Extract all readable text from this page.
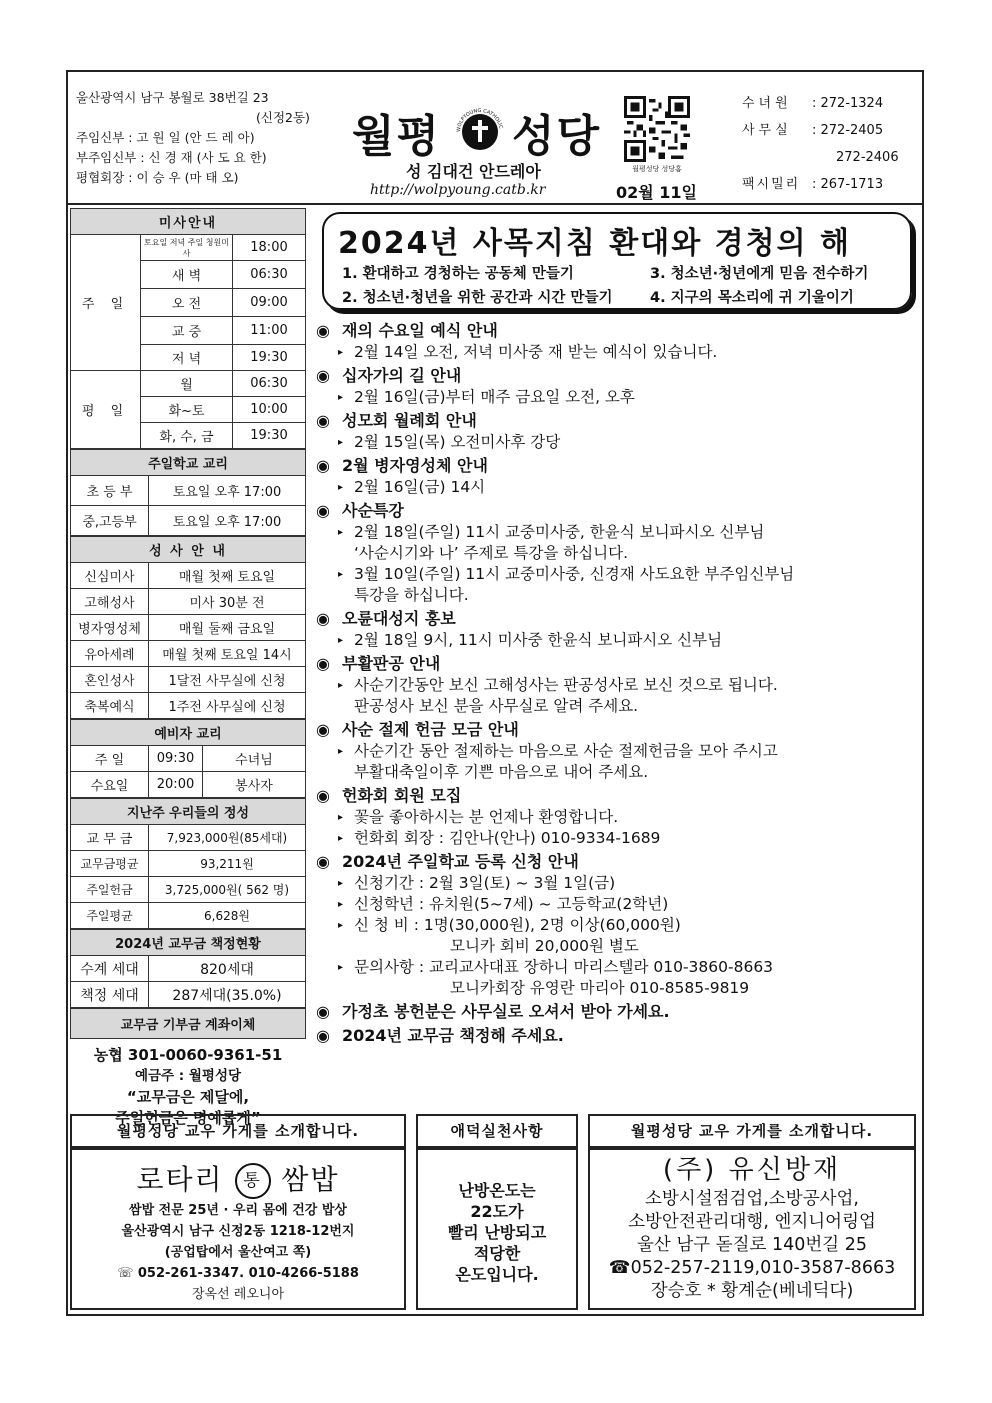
울산광역시 남구 봉월로 38번길 23
(신정2동)
주임신부 : 고 원 일 (안 드 레 아)
부주임신부 : 신 경 재 (사 도 요 한)
평협회장 : 이 승 우 (마 태 오)
월평	WOLPYOUNG CATHOLIC 성당
성 김대건 안드레아
http://wolpyoung.catb.kr	02월 11일
월평성당 성당홈
수녀원	: 272-1324
사무실	: 272-2405
272-2406
팩시밀리 : 267-1713
미사안내		
주 일	토요일 저녁 주일 청원미사	18:00
	새 벽	06:30
	오 전	09:00
	교 중	11:00
	저 녁	19:30
평 일	월	06:30
	화~토	10:00
	화, 수, 금	19:30
주일학교 교리	
초 등 부	토요일 오후 17:00
중,고등부	토요일 오후 17:00
성 사 안 내	
신심미사	매월 첫째 토요일
고해성사	미사 30분 전
병자영성체	매월 둘째 금요일
유아세례	매월 첫째 토요일 14시
혼인성사	1달전 사무실에 신청
축복예식	1주전 사무실에 신청
예비자 교리		
주 일	09:30	수녀님
수요일	20:00	봉사자
지난주 우리들의 정성	
교 무 금	7,923,000원(85세대)
교무금평균	93,211원
주일헌금	3,725,000원( 562 명)
주일평균	6,628원
2024년 교무금 책정현황	
수계 세대	820세대
책정 세대	287세대(35.0%)
교무금 기부금 계좌이체
농협 301-0060-9361-51
예금주 : 월평성당
“교무금은 제달에,
주일헌금은 명예롭게”
2024년 사목지침 환대와 경청의 해
1. 환대하고 경청하는 공동체 만들기	3. 청소년·청년에게 믿음 전수하기
2. 청소년·청년을 위한 공간과 시간 만들기	4. 지구의 목소리에 귀 기울이기
◉ 재의 수요일 예식 안내
▸ 2월 14일 오전, 저녁 미사중 재 받는 예식이 있습니다.
◉ 십자가의 길 안내
▸ 2월 16일(금)부터 매주 금요일 오전, 오후
◉ 성모회 월례회 안내
▸ 2월 15일(목) 오전미사후 강당
◉ 2월 병자영성체 안내
▸ 2월 16일(금) 14시
◉ 사순특강
▸ 2월 18일(주일) 11시 교중미사중, 한윤식 보니파시오 신부님
‘사순시기와 나’ 주제로 특강을 하십니다.
▸ 3월 10일(주일) 11시 교중미사중, 신경재 사도요한 부주임신부님
특강을 하십니다.
◉ 오륜대성지 홍보
▸ 2월 18일 9시, 11시 미사중 한윤식 보니파시오 신부님
◉ 부활판공 안내
▸ 사순기간동안 보신 고해성사는 판공성사로 보신 것으로 됩니다.
판공성사 보신 분을 사무실로 알려 주세요.
◉ 사순 절제 헌금 모금 안내
▸ 사순기간 동안 절제하는 마음으로 사순 절제헌금을 모아 주시고
부활대축일이후 기쁜 마음으로 내어 주세요.
◉ 헌화회 회원 모집
▸ 꽃을 좋아하시는 분 언제나 환영합니다.
▸ 헌화회 회장 : 김안나(안나) 010-9334-1689
◉ 2024년 주일학교 등록 신청 안내
▸ 신청기간 : 2월 3일(토) ~ 3월 1일(금)
▸ 신청학년 : 유치원(5~7세) ~ 고등학교(2학년)
▸ 신 청 비 : 1명(30,000원), 2명 이상(60,000원)
모니카 회비 20,000원 별도
▸ 문의사항 : 교리교사대표 장하니 마리스텔라 010-3860-8663
모니카회장 유영란 마리아 010-8585-9819
◉ 가정초 봉헌분은 사무실로 오셔서 받아 가세요.
◉ 2024년 교무금 책정해 주세요.
월평성당 교우 가게를 소개합니다.
로타리 통 쌈밥
쌈밥 전문 25년 · 우리 몸에 건강 밥상
울산광역시 남구 신정2동 1218-12번지
(공업탑에서 울산여고 쪽)
☏ 052-261-3347. 010-4266-5188
장옥선 레오니아
애덕실천사항
난방온도는
22도가
빨리 난방되고
적당한
온도입니다.
월평성당 교우 가게를 소개합니다.
(주) 유신방재
소방시설점검업,소방공사업,
소방안전관리대행, 엔지니어링업
울산 남구 돋질로 140번길 25
☎052-257-2119,010-3587-8663
장승호 * 황계순(베네딕다)
